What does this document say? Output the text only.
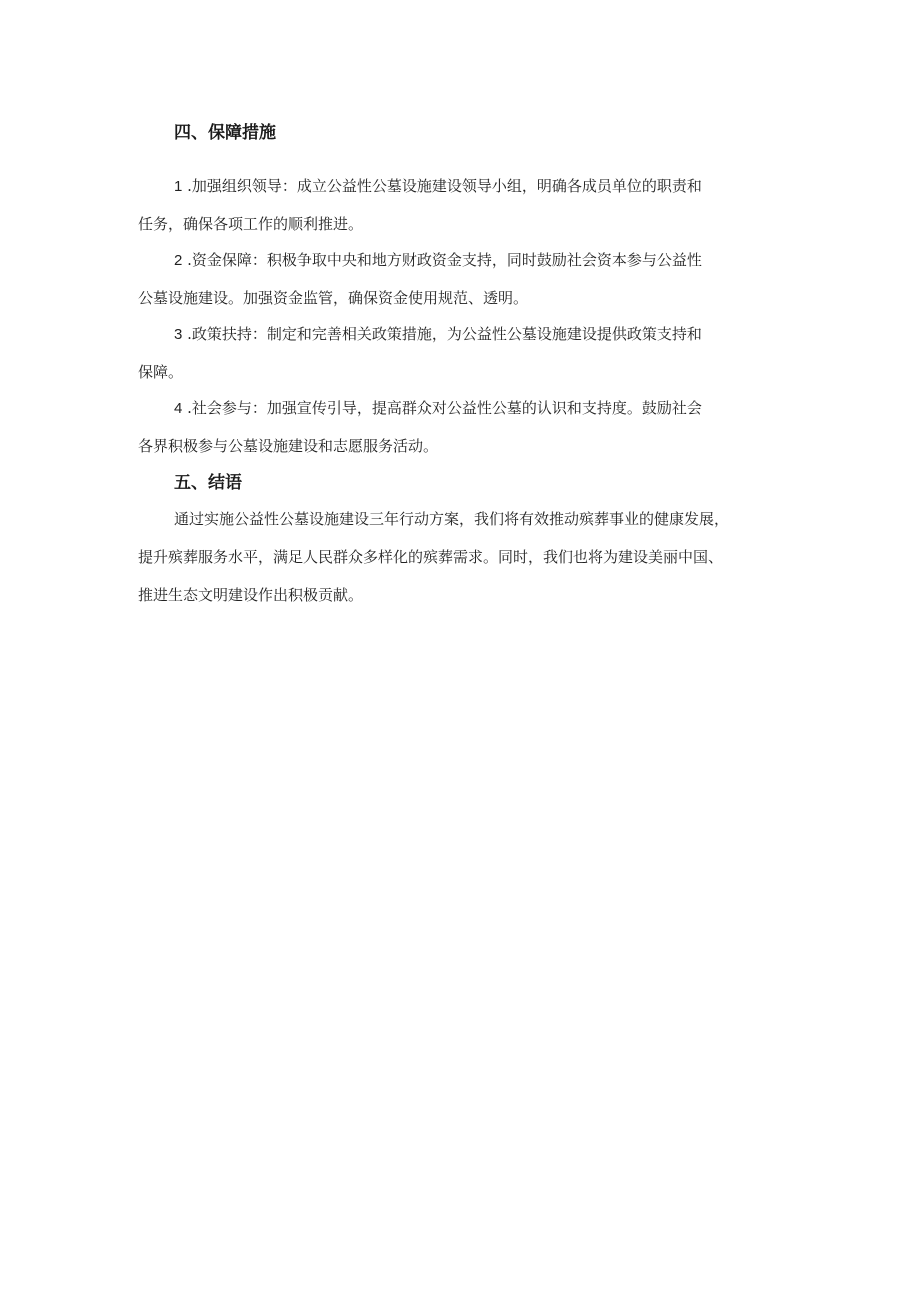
四、保障措施
1 .加强组织领导：成立公益性公墓设施建设领导小组，明确各成员单位的职责和
任务，确保各项工作的顺利推进。
2 .资金保障：积极争取中央和地方财政资金支持，同时鼓励社会资本参与公益性
公墓设施建设。加强资金监管，确保资金使用规范、透明。
3 .政策扶持：制定和完善相关政策措施，为公益性公墓设施建设提供政策支持和
保障。
4 .社会参与：加强宣传引导，提高群众对公益性公墓的认识和支持度。鼓励社会
各界积极参与公墓设施建设和志愿服务活动。
五、结语
通过实施公益性公墓设施建设三年行动方案，我们将有效推动殡葬事业的健康发展，
提升殡葬服务水平，满足人民群众多样化的殡葬需求。同时，我们也将为建设美丽中国、
推进生态文明建设作出积极贡献。
